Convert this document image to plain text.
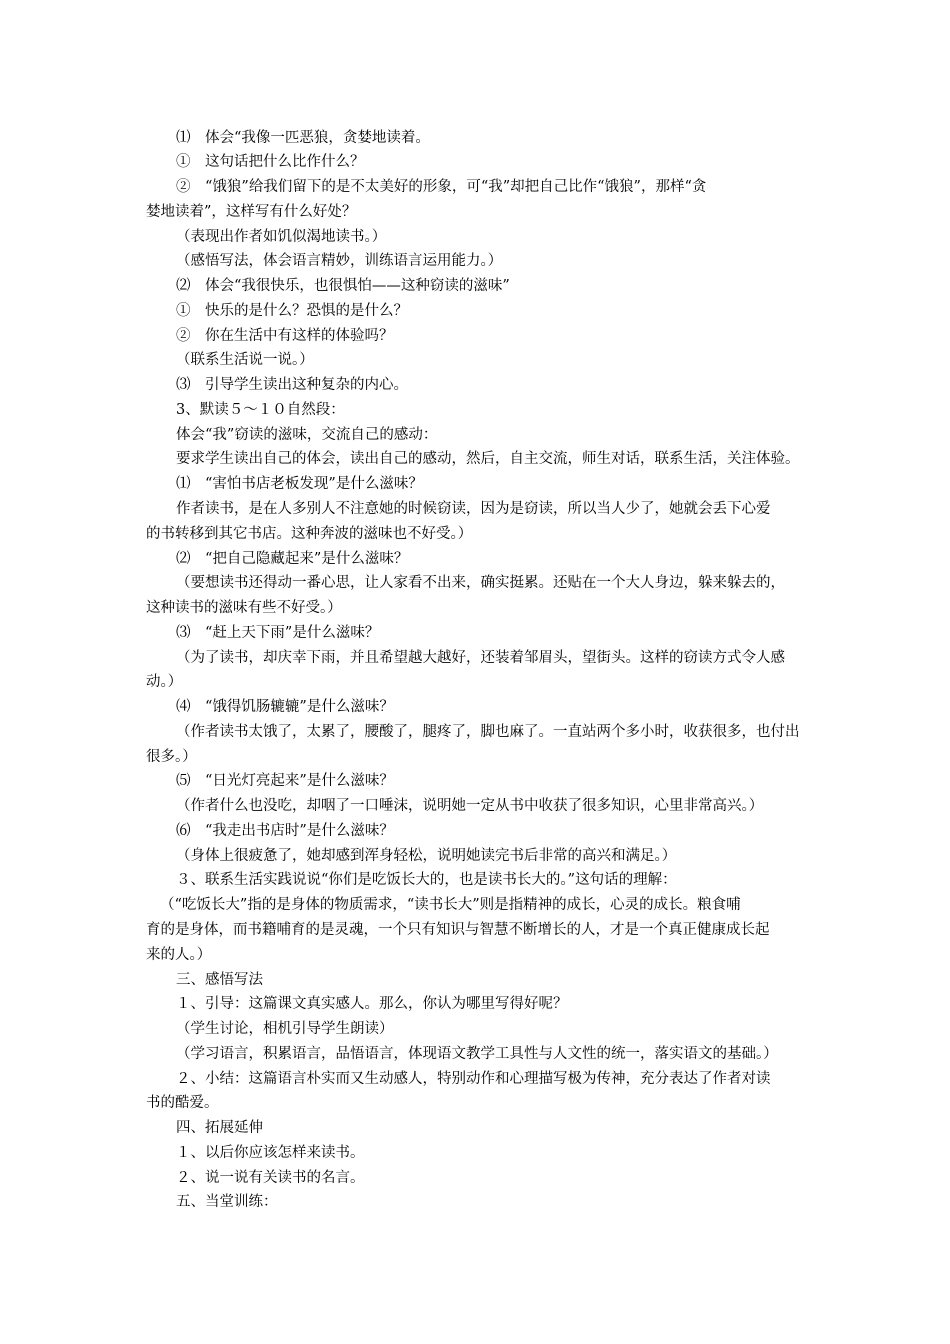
⑴　体会“我像一匹恶狼，贪婪地读着。
①　这句话把什么比作什么？
②　“饿狼”给我们留下的是不太美好的形象，可“我”却把自己比作“饿狼”，那样“贪
婪地读着”，这样写有什么好处？
（表现出作者如饥似渴地读书。）
（感悟写法，体会语言精妙，训练语言运用能力。）
⑵　体会“我很快乐，也很惧怕——这种窃读的滋味”
①　快乐的是什么？恐惧的是什么？
②　你在生活中有这样的体验吗？
（联系生活说一说。）
⑶　引导学生读出这种复杂的内心。
3、默读５～１０自然段：
体会“我”窃读的滋味，交流自己的感动：
要求学生读出自己的体会，读出自己的感动，然后，自主交流，师生对话，联系生活，关注体验。
⑴　“害怕书店老板发现”是什么滋味？
作者读书，是在人多别人不注意她的时候窃读，因为是窃读，所以当人少了，她就会丢下心爱
的书转移到其它书店。这种奔波的滋味也不好受。）
⑵　“把自己隐藏起来”是什么滋味？
（要想读书还得动一番心思，让人家看不出来，确实挺累。还贴在一个大人身边，躲来躲去的，
这种读书的滋味有些不好受。）
⑶　“赶上天下雨”是什么滋味？
（为了读书，却庆幸下雨，并且希望越大越好，还装着邹眉头，望街头。这样的窃读方式令人感
动。）
⑷　“饿得饥肠辘辘”是什么滋味？
（作者读书太饿了，太累了，腰酸了，腿疼了，脚也麻了。一直站两个多小时，收获很多，也付出
很多。）
⑸　“日光灯亮起来”是什么滋味？
（作者什么也没吃，却咽了一口唾沫，说明她一定从书中收获了很多知识，心里非常高兴。）
⑹　“我走出书店时”是什么滋味？
（身体上很疲惫了，她却感到浑身轻松，说明她读完书后非常的高兴和满足。）
３、联系生活实践说说“你们是吃饭长大的，也是读书长大的。”这句话的理解：
（“吃饭长大”指的是身体的物质需求，“读书长大”则是指精神的成长，心灵的成长。粮食哺
育的是身体，而书籍哺育的是灵魂，一个只有知识与智慧不断增长的人，才是一个真正健康成长起
来的人。）
三、感悟写法
１、引导：这篇课文真实感人。那么，你认为哪里写得好呢？
（学生讨论，相机引导学生朗读）
（学习语言，积累语言，品悟语言，体现语文教学工具性与人文性的统一，落实语文的基础。）
２、小结：这篇语言朴实而又生动感人，特别动作和心理描写极为传神，充分表达了作者对读
书的酷爱。
四、拓展延伸
１、以后你应该怎样来读书。
２、说一说有关读书的名言。
五、当堂训练：
